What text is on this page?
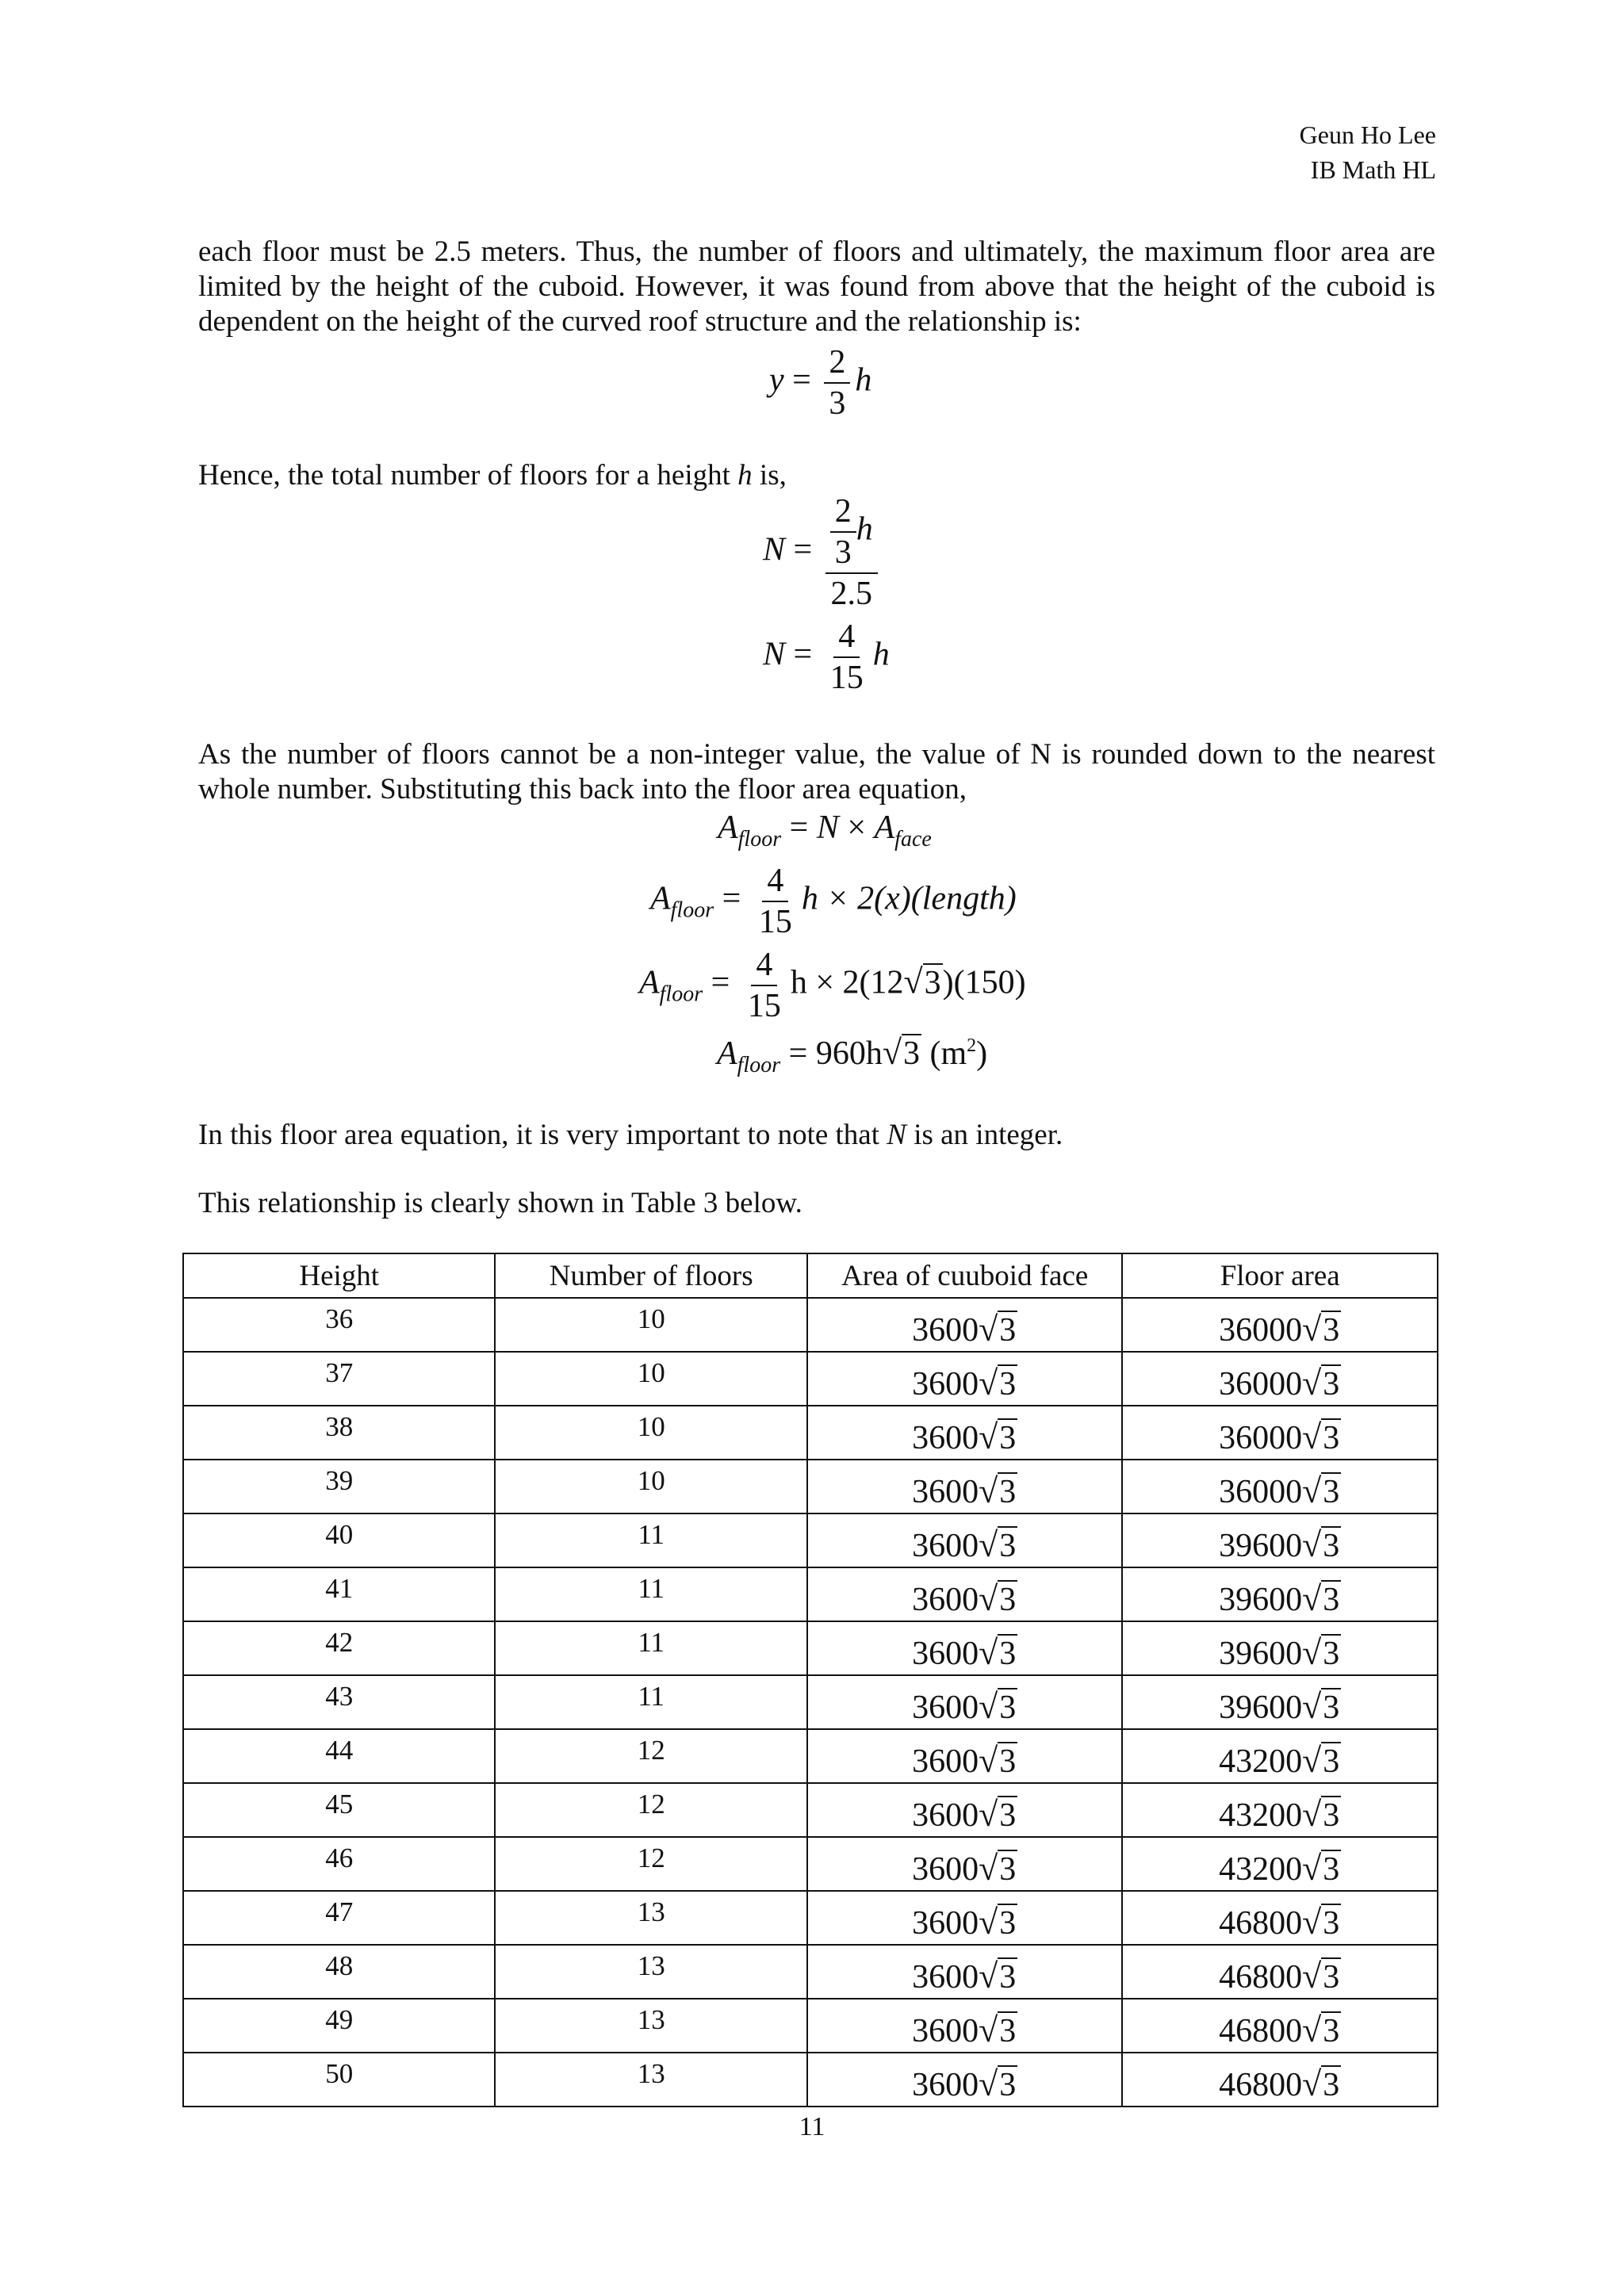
Geun Ho Lee
IB Math HL

each floor must be 2.5 meters. Thus, the number of floors and ultimately, the maximum floor area are limited by the height of the cuboid. However, it was found from above that the height of the cuboid is dependent on the height of the curved roof structure and the relationship is:

$y = \frac{2}{3}$ h

Hence, the total number of floors for a height h is,

$N = \frac{\frac{2}{3} h}{2.5}$
$N = \frac{4}{15}$ h

As the number of floors cannot be a non-integer value, the value of N is rounded down to the nearest whole number. Substituting this back into the floor area equation,

$A_{floor} = N \times A_{face}$
$A_{floor} = \frac{4}{15}$ h × 2(x)(length)
$A_{floor} = \frac{4}{15}$ h × 2(12√3)(150)
$A_{floor} = 960h√3$ $(m^2)$

In this floor area equation, it is very important to note that N is an integer.

This relationship is clearly shown in Table 3 below.

Height	Number of floors	Area of cuuboid face	Floor area
36	10	3600√3	36000√3
37	10	3600√3	36000√3
38	10	3600√3	36000√3
39	10	3600√3	36000√3
40	11	3600√3	39600√3
41	11	3600√3	39600√3
42	11	3600√3	39600√3
43	11	3600√3	39600√3
44	12	3600√3	43200√3
45	12	3600√3	43200√3
46	12	3600√3	43200√3
47	13	3600√3	46800√3
48	13	3600√3	46800√3
49	13	3600√3	46800√3
50	13	3600√3	46800√3
11
